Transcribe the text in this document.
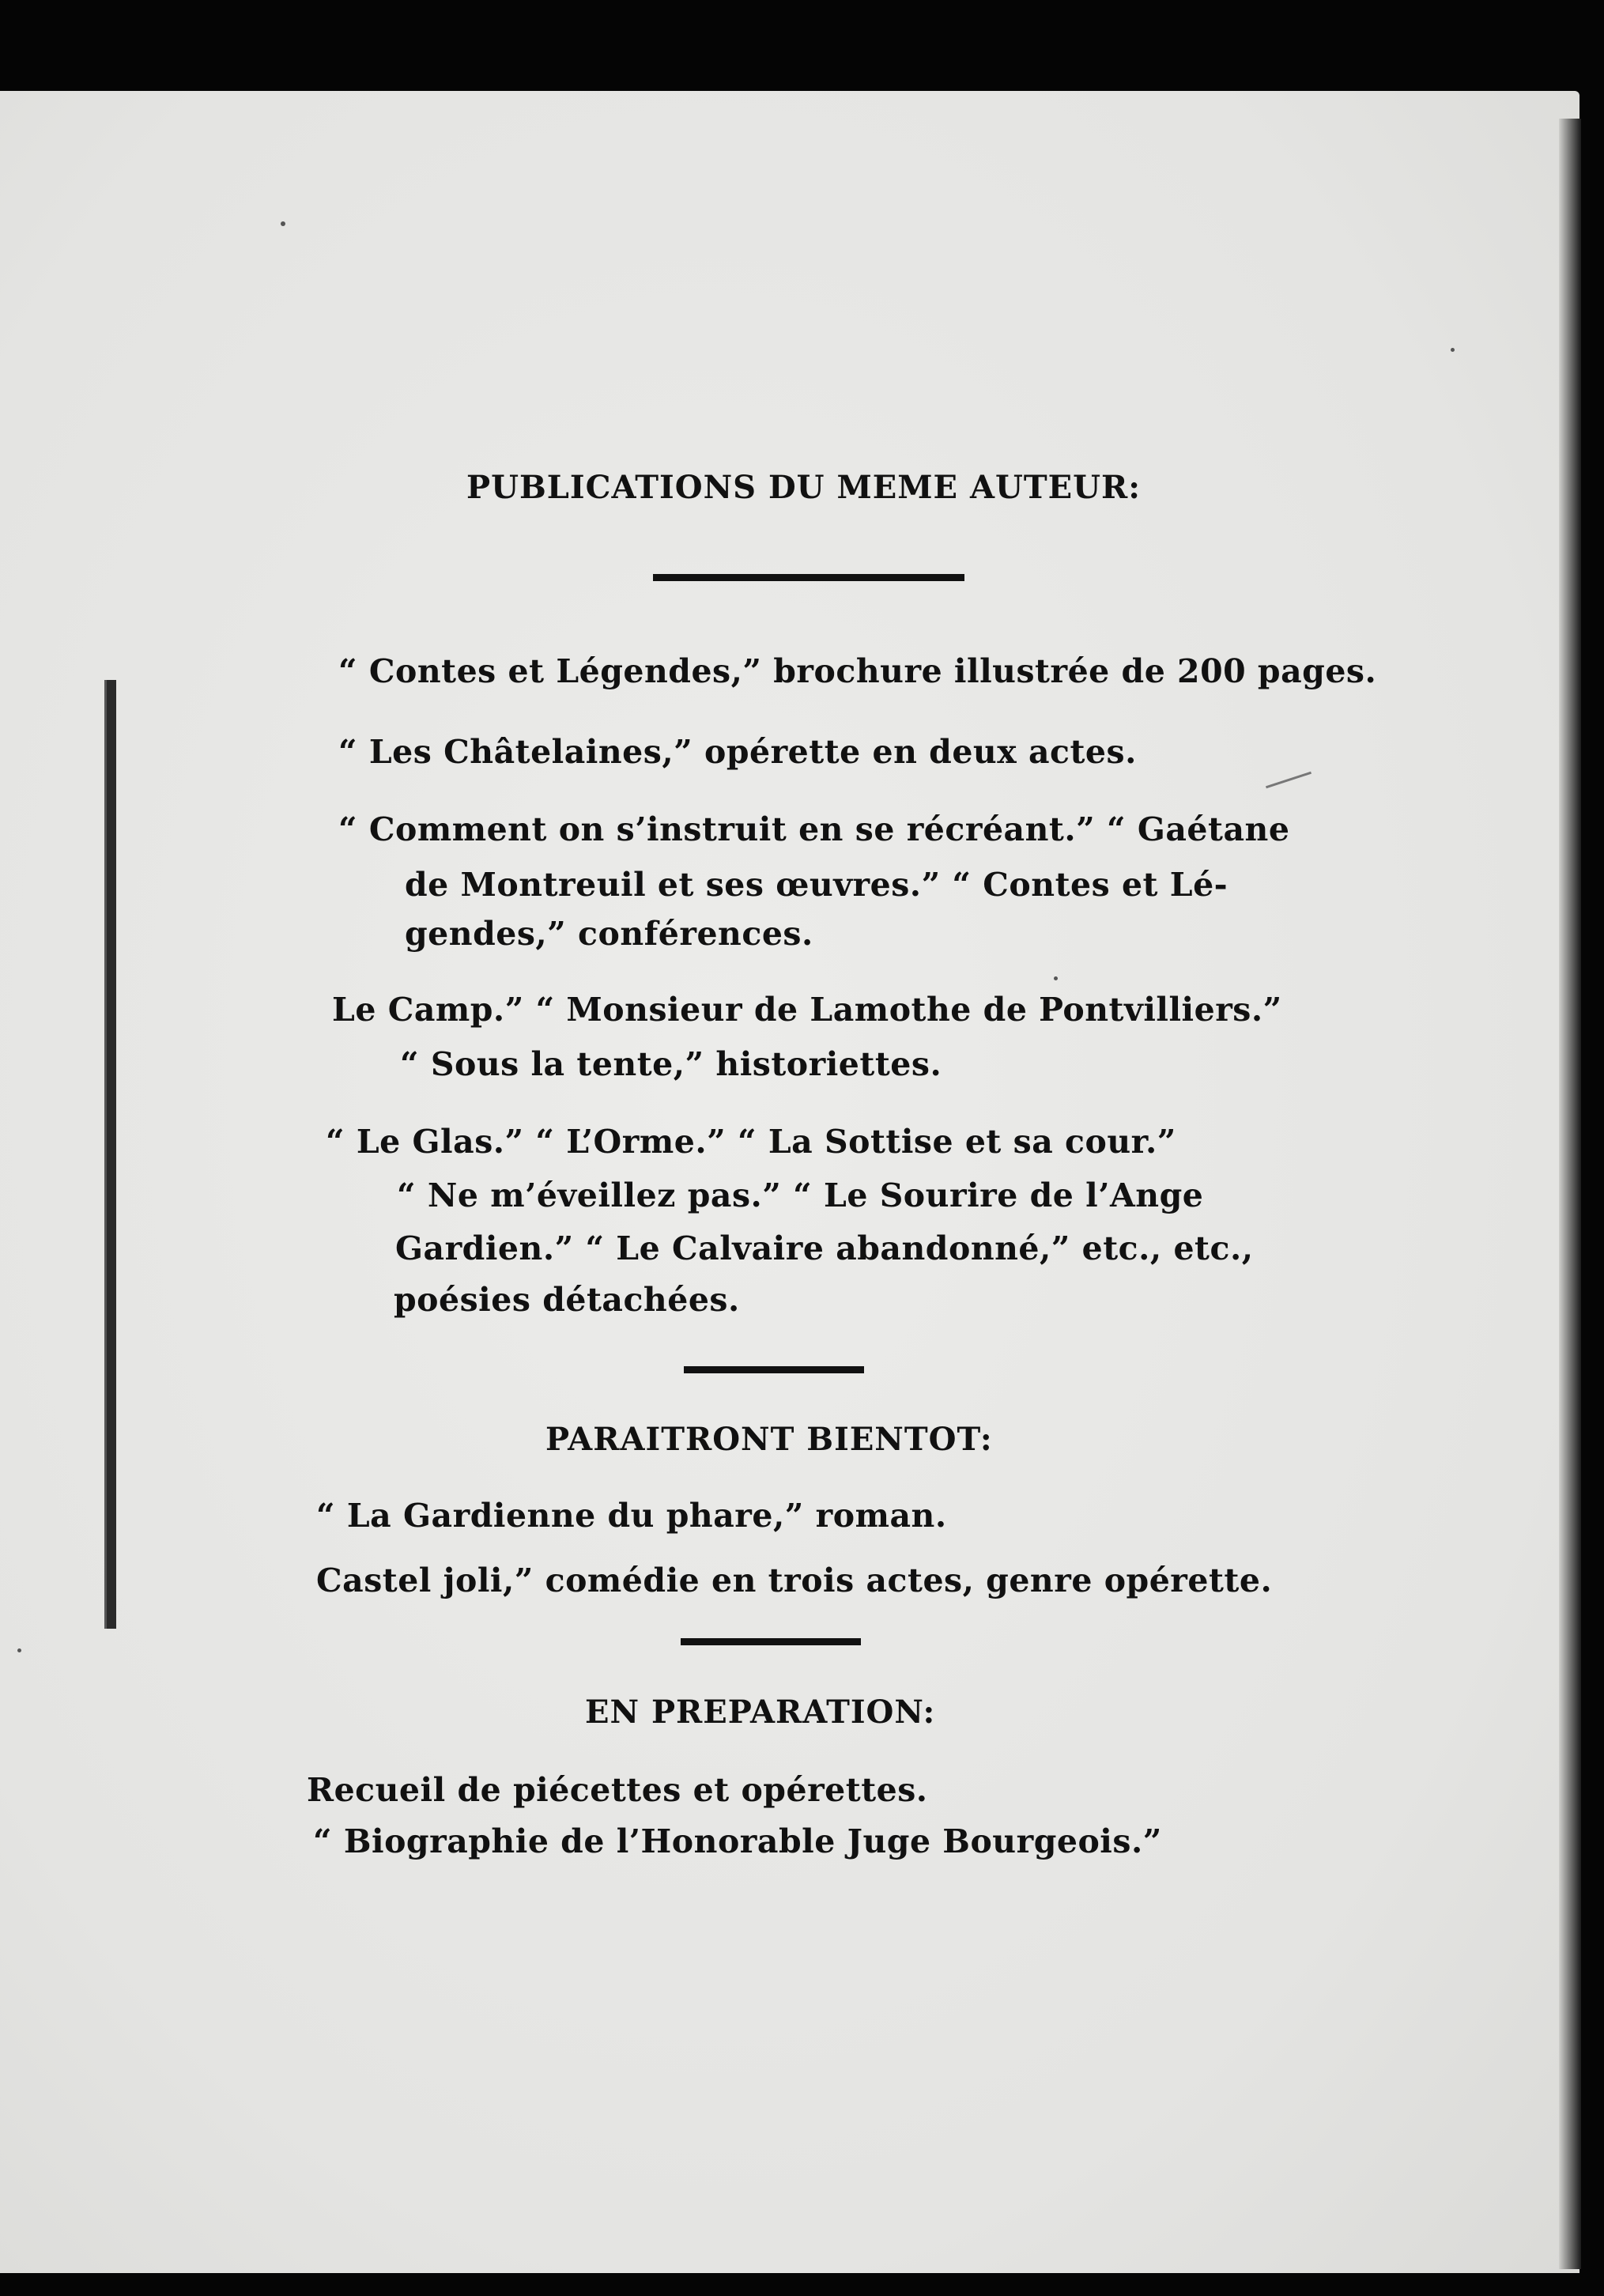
PUBLICATIONS DU MEME AUTEUR:
“ Contes et Légendes,” brochure illustrée de 200 pages.
“ Les Châtelaines,” opérette en deux actes.
“ Comment on s’instruit en se récréant.” “ Gaétane
de Montreuil et ses œuvres.” “ Contes et Lé-
gendes,” conférences.
Le Camp.” “ Monsieur de Lamothe de Pontvilliers.”
“ Sous la tente,” historiettes.
“ Le Glas.” “ L’Orme.” “ La Sottise et sa cour.”
“ Ne m’éveillez pas.” “ Le Sourire de l’Ange
Gardien.” “ Le Calvaire abandonné,” etc., etc.,
poésies détachées.
PARAITRONT BIENTOT:
“ La Gardienne du phare,” roman.
Castel joli,” comédie en trois actes, genre opérette.
EN PREPARATION:
Recueil de piécettes et opérettes.
“ Biographie de l’Honorable Juge Bourgeois.”
